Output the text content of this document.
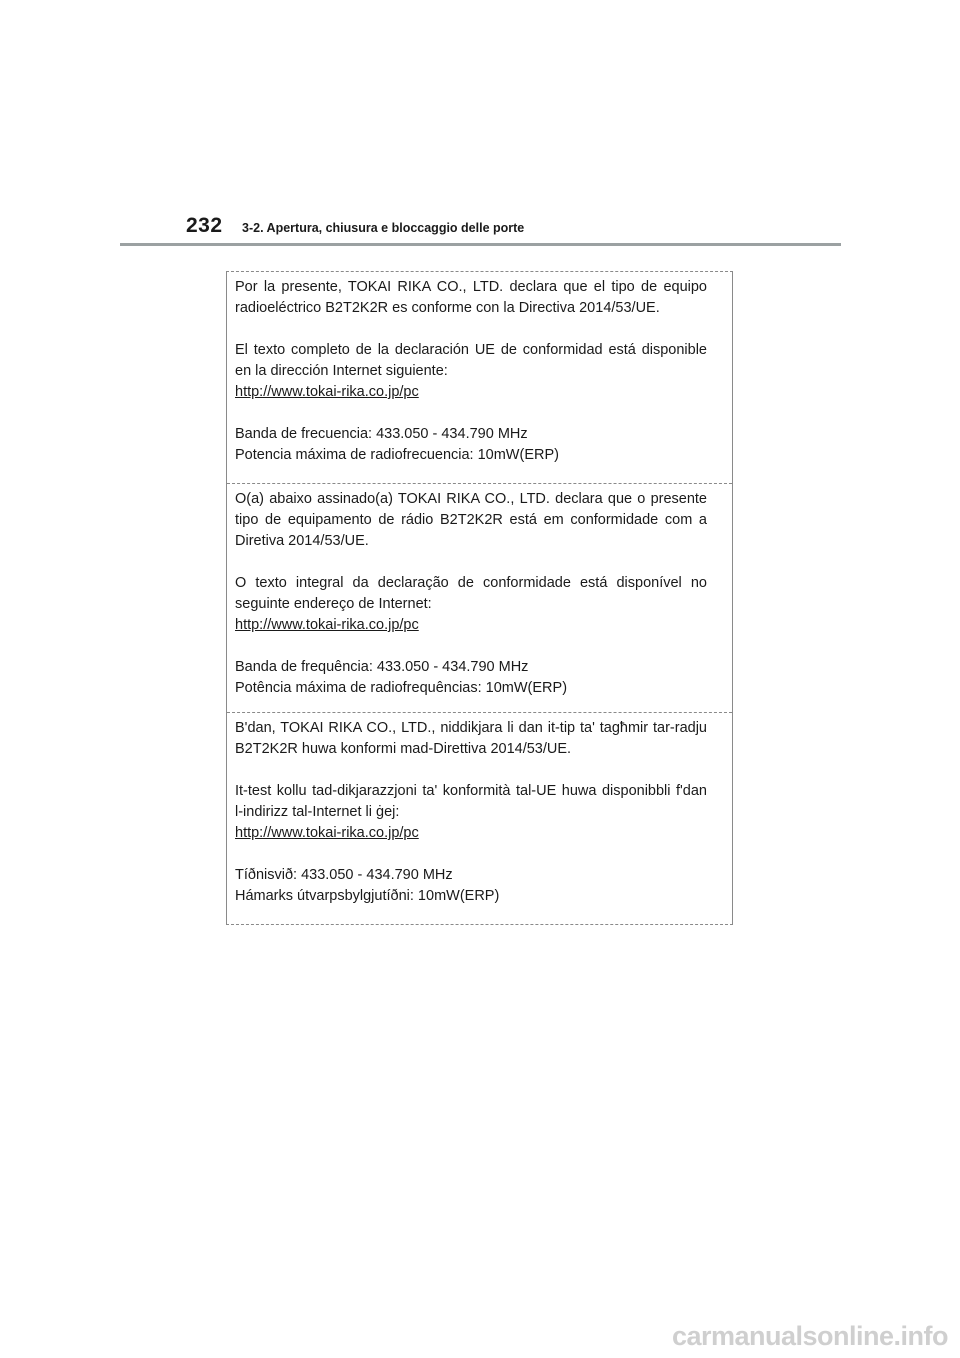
232	3-2. Apertura, chiusura e bloccaggio delle porte

Por la presente, TOKAI RIKA CO., LTD. declara que el tipo de equipo radioeléctrico B2T2K2R es conforme con la Directiva 2014/53/UE.

El texto completo de la declaración UE de conformidad está disponible en la dirección Internet siguiente:

http://www.tokai-rika.co.jp/pc
Banda de frecuencia: 433.050 - 434.790 MHz
Potencia máxima de radiofrecuencia: 10mW(ERP)

O(a) abaixo assinado(a) TOKAI RIKA CO., LTD. declara que o presente tipo de equipamento de rádio B2T2K2R está em conformidade com a Diretiva 2014/53/UE.

O texto integral da declaração de conformidade está disponível no seguinte endereço de Internet:

http://www.tokai-rika.co.jp/pc
Banda de frequência: 433.050 - 434.790 MHz
Potência máxima de radiofrequências: 10mW(ERP)

B'dan, TOKAI RIKA CO., LTD., niddikjara li dan it-tip ta' tagħmir tar-radju B2T2K2R huwa konformi mad-Direttiva 2014/53/UE.

It-test kollu tad-dikjarazzjoni ta' konformità tal-UE huwa disponibbli f'dan l-indirizz tal-Internet li ġej:

http://www.tokai-rika.co.jp/pc
Tíðnisvið: 433.050 - 434.790 MHz
Hámarks útvarpsbylgjutíðni: 10mW(ERP)
carmanualsonline.info
